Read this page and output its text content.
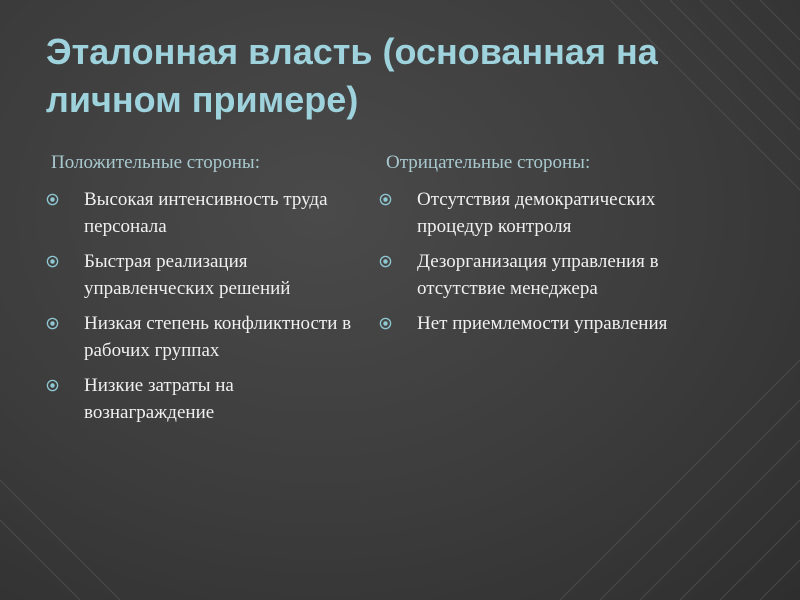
Эталонная власть (основанная на личном примере)

Положительные стороны:

Высокая интенсивность труда персонала
Быстрая реализация управленческих решений
Низкая степень конфликтности в рабочих группах
Низкие затраты на вознаграждение

Отрицательные стороны:

Отсутствия демократических процедур контроля
Дезорганизация управления в отсутствие менеджера
Нет приемлемости управления
